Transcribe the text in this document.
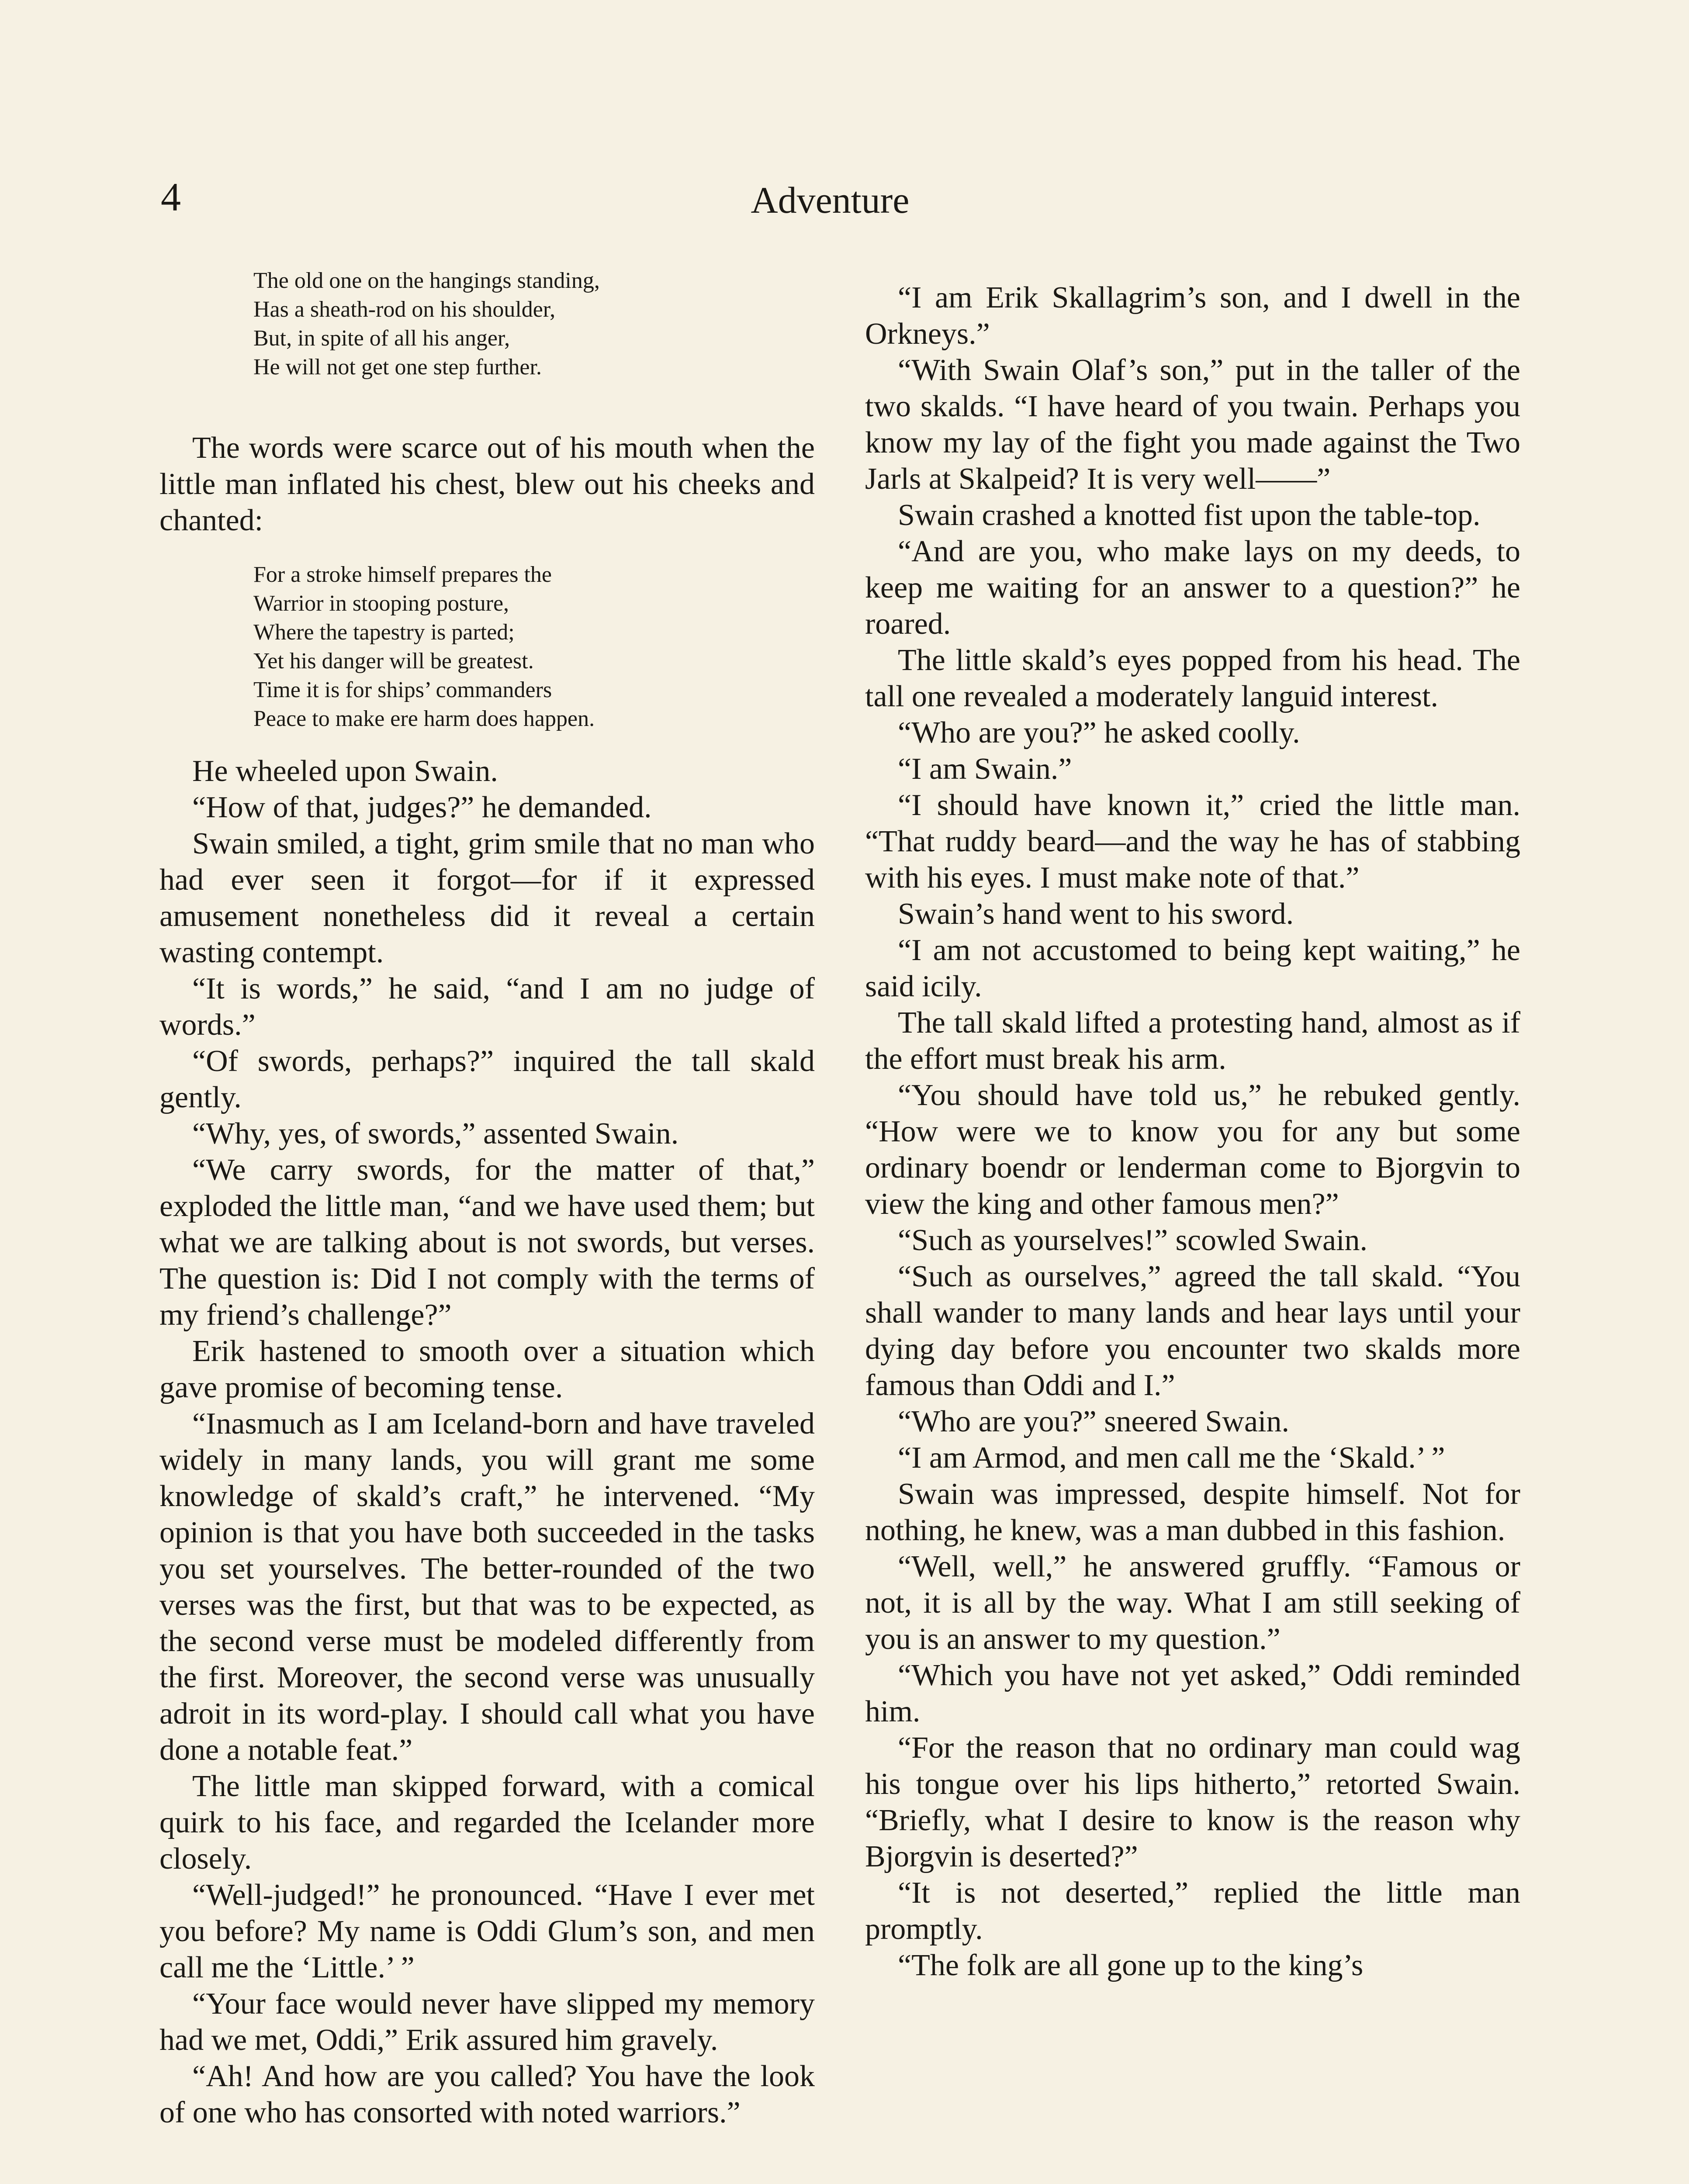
4	Adventure
The old one on the hangings standing,
Has a sheath-rod on his shoulder,
But, in spite of all his anger,
He will not get one step further.

The words were scarce out of his mouth when the little man inflated his chest, blew out his cheeks and chanted:

For a stroke himself prepares the
Warrior in stooping posture,
Where the tapestry is parted;
Yet his danger will be greatest.
Time it is for ships’ commanders
Peace to make ere harm does happen.

He wheeled upon Swain.

“How of that, judges?” he demanded.

Swain smiled, a tight, grim smile that no man who had ever seen it forgot—for if it expressed amusement nonetheless did it reveal a certain wasting contempt.

“It is words,” he said, “and I am no judge of words.”

“Of swords, perhaps?” inquired the tall skald gently.

“Why, yes, of swords,” assented Swain.

“We carry swords, for the matter of that,” exploded the little man, “and we have used them; but what we are talking about is not swords, but verses. The question is: Did I not comply with the terms of my friend’s challenge?”

Erik hastened to smooth over a situation which gave promise of becoming tense.

“Inasmuch as I am Iceland-born and have traveled widely in many lands, you will grant me some knowledge of skald’s craft,” he intervened. “My opinion is that you have both succeeded in the tasks you set yourselves. The better-rounded of the two verses was the first, but that was to be expected, as the second verse must be modeled differently from the first. Moreover, the second verse was unusually adroit in its word-play. I should call what you have done a notable feat.”

The little man skipped forward, with a comical quirk to his face, and regarded the Icelander more closely.

“Well-judged!” he pronounced. “Have I ever met you before? My name is Oddi Glum’s son, and men call me the ‘Little.’ ”

“Your face would never have slipped my memory had we met, Oddi,” Erik assured him gravely.

“Ah! And how are you called? You have the look of one who has consorted with noted warriors.”

“I am Erik Skallagrim’s son, and I dwell in the Orkneys.”

“With Swain Olaf’s son,” put in the taller of the two skalds. “I have heard of you twain. Perhaps you know my lay of the fight you made against the Two Jarls at Skalpeid? It is very well——”

Swain crashed a knotted fist upon the table-top.

“And are you, who make lays on my deeds, to keep me waiting for an answer to a question?” he roared.

The little skald’s eyes popped from his head. The tall one revealed a moderately languid interest.

“Who are you?” he asked coolly.

“I am Swain.”

“I should have known it,” cried the little man. “That ruddy beard—and the way he has of stabbing with his eyes. I must make note of that.”

Swain’s hand went to his sword.

“I am not accustomed to being kept waiting,” he said icily.

The tall skald lifted a protesting hand, almost as if the effort must break his arm.

“You should have told us,” he rebuked gently. “How were we to know you for any but some ordinary boendr or lenderman come to Bjorgvin to view the king and other famous men?”

“Such as yourselves!” scowled Swain.

“Such as ourselves,” agreed the tall skald. “You shall wander to many lands and hear lays until your dying day before you encounter two skalds more famous than Oddi and I.”

“Who are you?” sneered Swain.

“I am Armod, and men call me the ‘Skald.’ ”

Swain was impressed, despite himself. Not for nothing, he knew, was a man dubbed in this fashion.

“Well, well,” he answered gruffly. “Famous or not, it is all by the way. What I am still seeking of you is an answer to my question.”

“Which you have not yet asked,” Oddi reminded him.

“For the reason that no ordinary man could wag his tongue over his lips hitherto,” retorted Swain. “Briefly, what I desire to know is the reason why Bjorgvin is deserted?”

“It is not deserted,” replied the little man promptly.

“The folk are all gone up to the king’s
